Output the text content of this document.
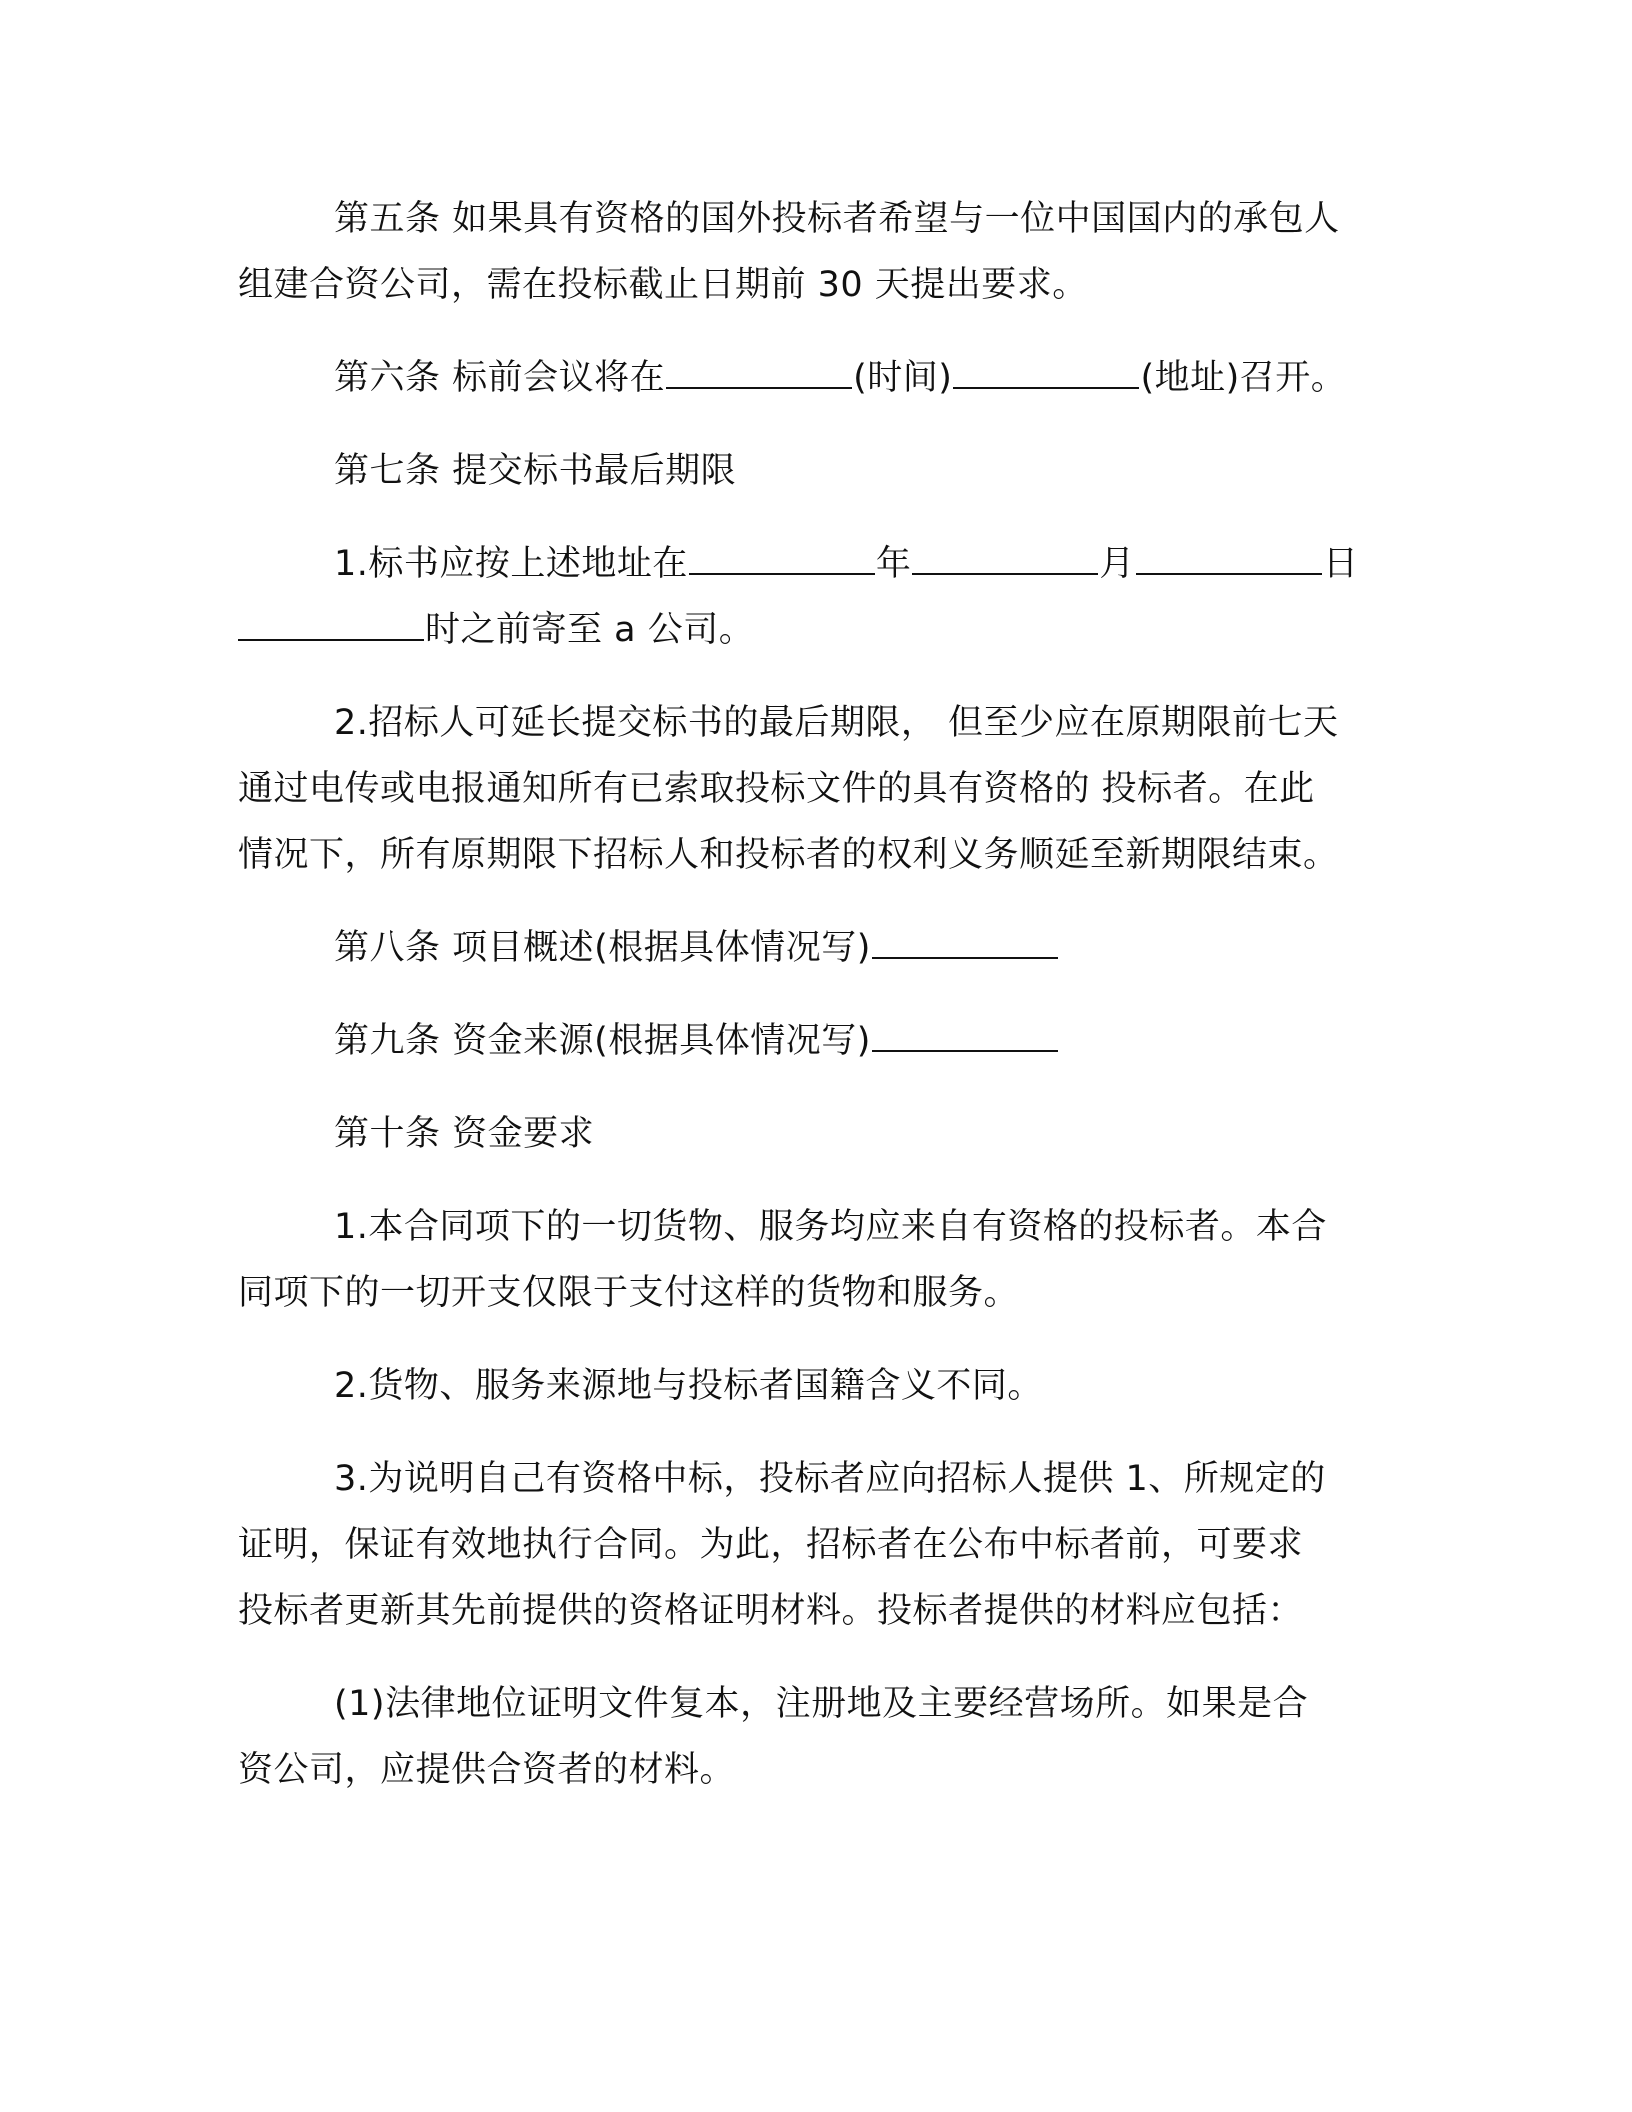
第五条 如果具有资格的国外投标者希望与一位中国国内的承包人
组建合资公司，需在投标截止日期前 30 天提出要求。

第六条 标前会议将在	(时间)	(地址)召开。

第七条 提交标书最后期限

1.标书应按上述地址在	年	月	日
时之前寄至 a 公司。

2.招标人可延长提交标书的最后期限， 但至少应在原期限前七天
通过电传或电报通知所有已索取投标文件的具有资格的 投标者。在此
情况下，所有原期限下招标人和投标者的权利义务顺延至新期限结束。

第八条 项目概述(根据具体情况写)

第九条 资金来源(根据具体情况写)

第十条 资金要求

1.本合同项下的一切货物、服务均应来自有资格的投标者。本合
同项下的一切开支仅限于支付这样的货物和服务。

2.货物、服务来源地与投标者国籍含义不同。

3.为说明自己有资格中标，投标者应向招标人提供 1、所规定的
证明，保证有效地执行合同。为此，招标者在公布中标者前，可要求
投标者更新其先前提供的资格证明材料。投标者提供的材料应包括：

(1)法律地位证明文件复本，注册地及主要经营场所。如果是合
资公司，应提供合资者的材料。
